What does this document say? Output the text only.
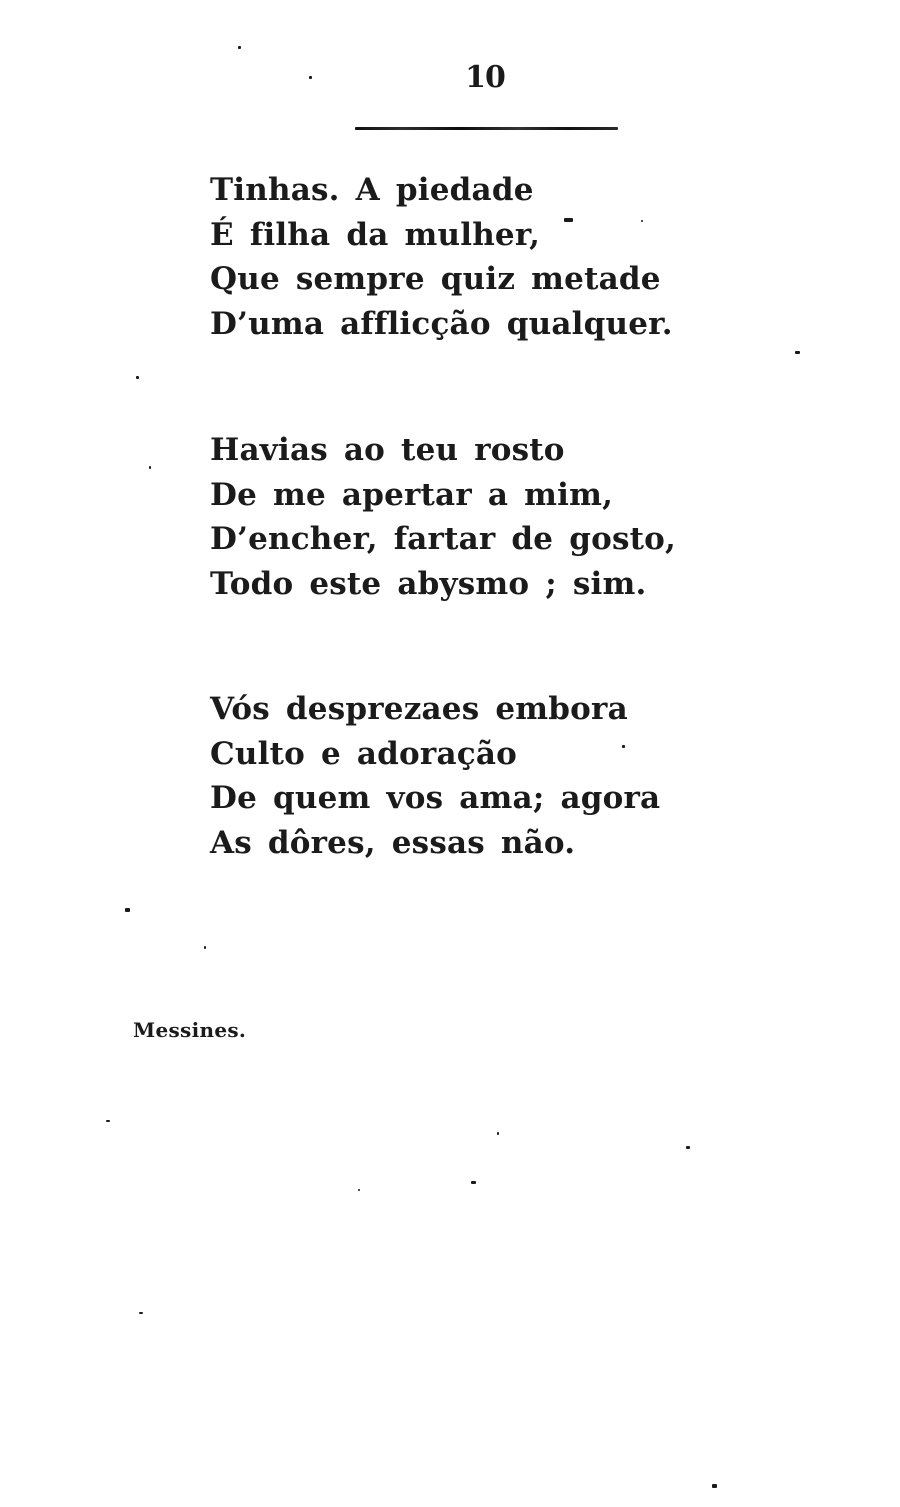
10
Tinhas. A piedade
É filha da mulher,
Que sempre quiz metade
D’uma afflicção qualquer.
Havias ao teu rosto
De me apertar a mim,
D’encher, fartar de gosto,
Todo este abysmo ; sim.
Vós desprezaes embora
Culto e adoração
De quem vos ama; agora
As dôres, essas não.
Messines.
